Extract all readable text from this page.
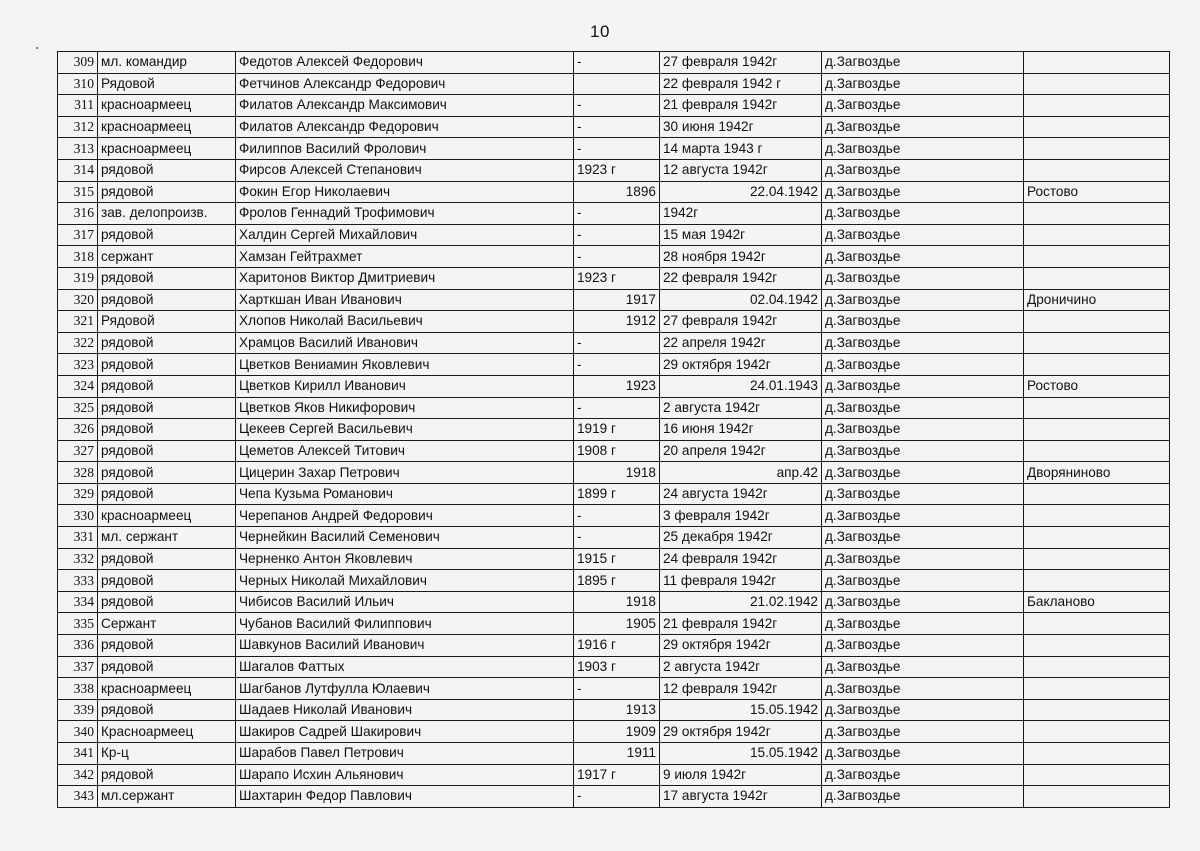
10
309	мл. командир	Федотов Алексей Федорович	-	27 февраля 1942г	д.Загвоздье	
310	Рядовой	Фетчинов Александр Федорович		22 февраля 1942 г	д.Загвоздье	
311	красноармеец	Филатов Александр Максимович	-	21 февраля 1942г	д.Загвоздье	
312	красноармеец	Филатов Александр Федорович	-	30 июня 1942г	д.Загвоздье	
313	красноармеец	Филиппов Василий Фролович	-	14 марта 1943 г	д.Загвоздье	
314	рядовой	Фирсов Алексей Степанович	1923 г	12 августа 1942г	д.Загвоздье	
315	рядовой	Фокин Егор Николаевич	1896	22.04.1942	д.Загвоздье	Ростово
316	зав. делопроизв.	Фролов Геннадий Трофимович	-	1942г	д.Загвоздье	
317	рядовой	Халдин Сергей Михайлович	-	15 мая 1942г	д.Загвоздье	
318	сержант	Хамзан Гейтрахмет	-	28 ноября 1942г	д.Загвоздье	
319	рядовой	Харитонов Виктор Дмитриевич	1923 г	22 февраля 1942г	д.Загвоздье	
320	рядовой	Харткшан Иван Иванович	1917	02.04.1942	д.Загвоздье	Дроничино
321	Рядовой	Хлопов Николай Васильевич	1912	27 февраля 1942г	д.Загвоздье	
322	рядовой	Храмцов Василий Иванович	-	22 апреля 1942г	д.Загвоздье	
323	рядовой	Цветков Вениамин Яковлевич	-	29 октября 1942г	д.Загвоздье	
324	рядовой	Цветков Кирилл Иванович	1923	24.01.1943	д.Загвоздье	Ростово
325	рядовой	Цветков Яков Никифорович	-	2 августа 1942г	д.Загвоздье	
326	рядовой	Цекеев Сергей Васильевич	1919 г	16 июня 1942г	д.Загвоздье	
327	рядовой	Цеметов Алексей Титович	1908 г	20 апреля 1942г	д.Загвоздье	
328	рядовой	Цицерин Захар Петрович	1918	апр.42	д.Загвоздье	Дворяниново
329	рядовой	Чепа Кузьма Романович	1899 г	24 августа 1942г	д.Загвоздье	
330	красноармеец	Черепанов Андрей Федорович	-	3 февраля 1942г	д.Загвоздье	
331	мл. сержант	Чернейкин Василий Семенович	-	25 декабря 1942г	д.Загвоздье	
332	рядовой	Черненко Антон Яковлевич	1915 г	24 февраля 1942г	д.Загвоздье	
333	рядовой	Черных Николай Михайлович	1895 г	11 февраля 1942г	д.Загвоздье	
334	рядовой	Чибисов Василий Ильич	1918	21.02.1942	д.Загвоздье	Бакланово
335	Сержант	Чубанов Василий Филиппович	1905	21 февраля 1942г	д.Загвоздье	
336	рядовой	Шавкунов Василий Иванович	1916 г	29 октября 1942г	д.Загвоздье	
337	рядовой	Шагалов Фаттых	1903 г	2 августа 1942г	д.Загвоздье	
338	красноармеец	Шагбанов Лутфулла Юлаевич	-	12 февраля 1942г	д.Загвоздье	
339	рядовой	Шадаев Николай Иванович	1913	15.05.1942	д.Загвоздье	
340	Красноармеец	Шакиров Садрей Шакирович	1909	29 октября 1942г	д.Загвоздье	
341	Кр-ц	Шарабов Павел Петрович	1911	15.05.1942	д.Загвоздье	
342	рядовой	Шарапо Исхин Альянович	1917 г	9 июля 1942г	д.Загвоздье	
343	мл.сержант	Шахтарин Федор Павлович	-	17 августа 1942г	д.Загвоздье	
